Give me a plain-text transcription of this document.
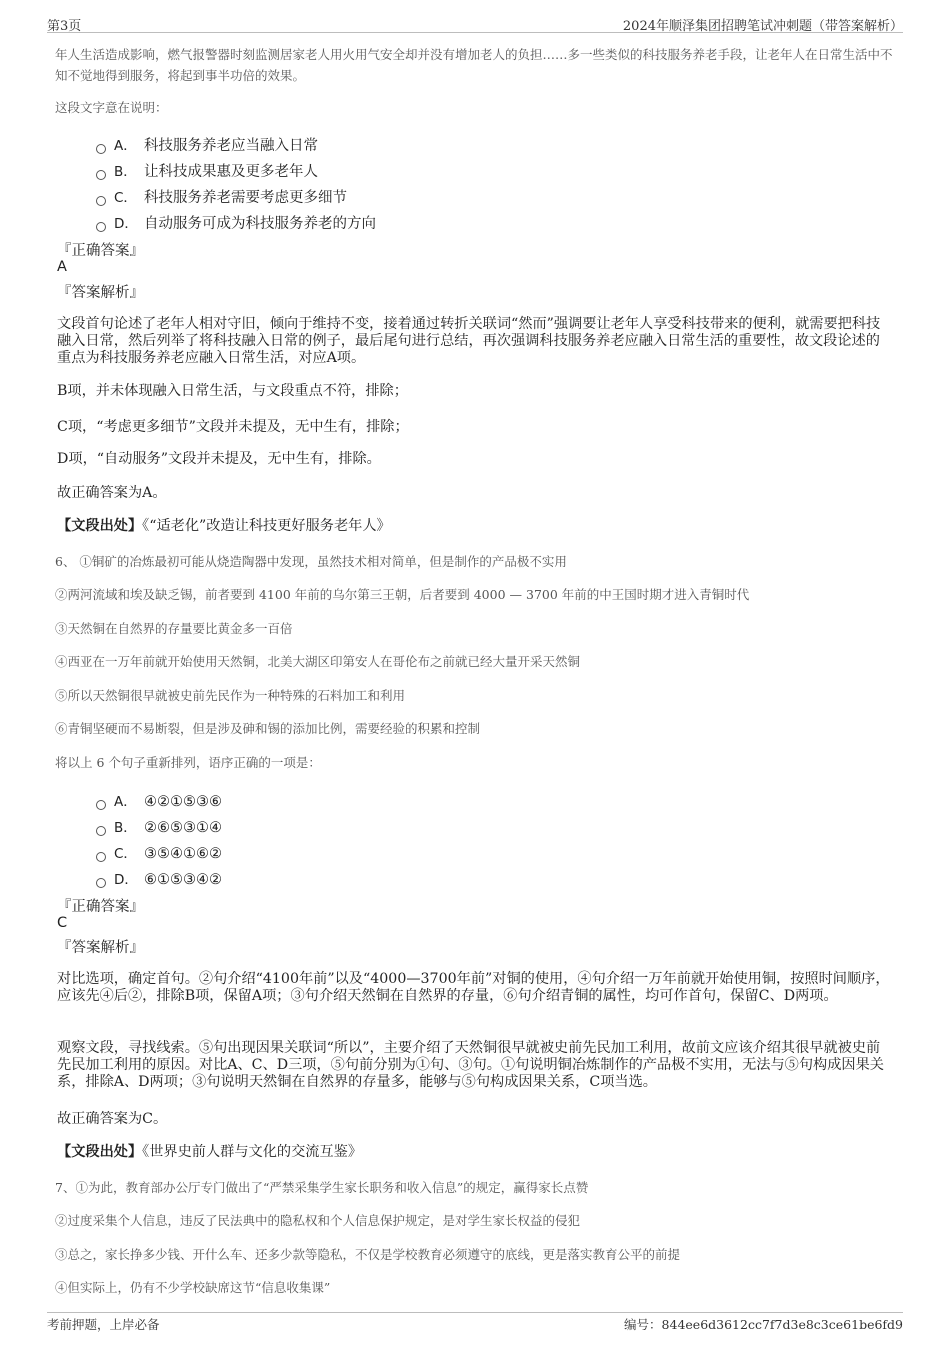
第3页	2024年顺泽集团招聘笔试冲刺题（带答案解析）
年人生活造成影响，燃气报警器时刻监测居家老人用火用气安全却并没有增加老人的负担……多一些类似的科技服务养老手段，让老年人在日常生活中不知不觉地得到服务，将起到事半功倍的效果。
这段文字意在说明：
A． 科技服务养老应当融入日常
B． 让科技成果惠及更多老年人
C． 科技服务养老需要考虑更多细节
D． 自动服务可成为科技服务养老的方向
『正确答案』
A
『答案解析』
文段首句论述了老年人相对守旧，倾向于维持不变，接着通过转折关联词“然而”强调要让老年人享受科技带来的便利，就需要把科技融入日常，然后列举了将科技融入日常的例子，最后尾句进行总结，再次强调科技服务养老应融入日常生活的重要性，故文段论述的重点为科技服务养老应融入日常生活，对应A项。
B项，并未体现融入日常生活，与文段重点不符，排除；
C项，“考虑更多细节”文段并未提及，无中生有，排除；
D项，“自动服务”文段并未提及，无中生有，排除。
故正确答案为A。
【文段出处】《“适老化”改造让科技更好服务老年人》
6、 ①铜矿的冶炼最初可能从烧造陶器中发现，虽然技术相对简单，但是制作的产品极不实用
②两河流域和埃及缺乏锡，前者要到 4100 年前的乌尔第三王朝，后者要到 4000 — 3700 年前的中王国时期才进入青铜时代
③天然铜在自然界的存量要比黄金多一百倍
④西亚在一万年前就开始使用天然铜，北美大湖区印第安人在哥伦布之前就已经大量开采天然铜
⑤所以天然铜很早就被史前先民作为一种特殊的石料加工和利用
⑥青铜坚硬而不易断裂，但是涉及砷和锡的添加比例，需要经验的积累和控制
将以上 6 个句子重新排列，语序正确的一项是：
A． ④②①⑤③⑥
B． ②⑥⑤③①④
C． ③⑤④①⑥②
D． ⑥①⑤③④②
『正确答案』
C
『答案解析』
对比选项，确定首句。②句介绍“4100年前”以及“4000—3700年前”对铜的使用，④句介绍一万年前就开始使用铜，按照时间顺序，应该先④后②，排除B项，保留A项；③句介绍天然铜在自然界的存量，⑥句介绍青铜的属性，均可作首句，保留C、D两项。
观察文段，寻找线索。⑤句出现因果关联词“所以”，主要介绍了天然铜很早就被史前先民加工利用，故前文应该介绍其很早就被史前先民加工利用的原因。对比A、C、D三项，⑤句前分别为①句、③句。①句说明铜冶炼制作的产品极不实用，无法与⑤句构成因果关系，排除A、D两项；③句说明天然铜在自然界的存量多，能够与⑤句构成因果关系，C项当选。
故正确答案为C。
【文段出处】《世界史前人群与文化的交流互鉴》
7、①为此，教育部办公厅专门做出了“严禁采集学生家长职务和收入信息”的规定，赢得家长点赞
②过度采集个人信息，违反了民法典中的隐私权和个人信息保护规定，是对学生家长权益的侵犯
③总之，家长挣多少钱、开什么车、还多少款等隐私，不仅是学校教育必须遵守的底线，更是落实教育公平的前提
④但实际上，仍有不少学校缺席这节“信息收集课”
考前押题，上岸必备	编号：844ee6d3612cc7f7d3e8c3ce61be6fd9
